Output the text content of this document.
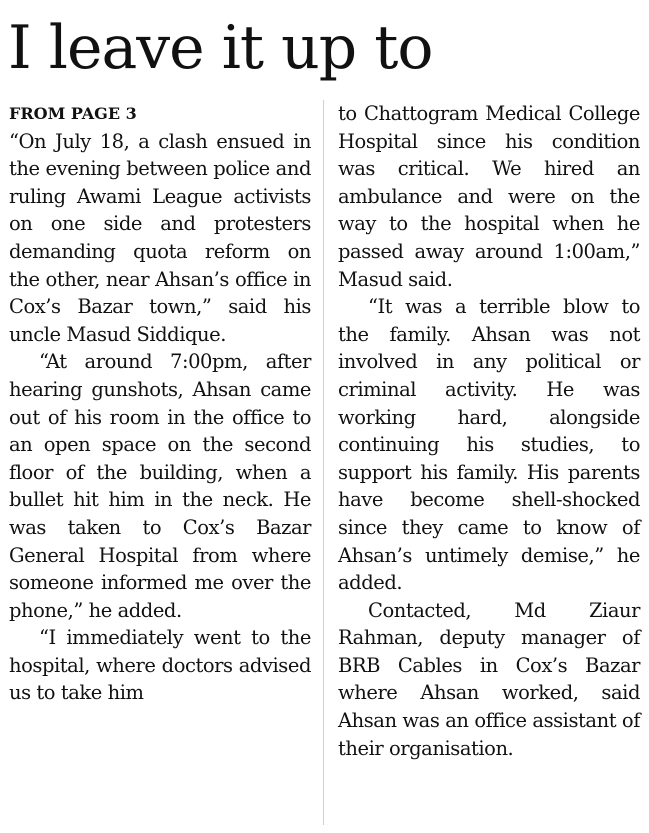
I leave it up to
FROM PAGE 3

“On July 18, a clash ensued in the evening between police and ruling Awami League activists on one side and protesters demanding quota reform on the other, near Ahsan’s office in Cox’s Bazar town,” said his uncle Masud Siddique.

“At around 7:00pm, after hearing gunshots, Ahsan came out of his room in the office to an open space on the second floor of the building, when a bullet hit him in the neck. He was taken to Cox’s Bazar General Hospital from where someone informed me over the phone,” he added.

“I immediately went to the hospital, where doctors advised us to take him

to Chattogram Medical College Hospital since his condition was critical. We hired an ambulance and were on the way to the hospital when he passed away around 1:00am,” Masud said.

“It was a terrible blow to the family. Ahsan was not involved in any political or criminal activity. He was working hard, alongside continuing his studies, to support his family. His parents have become shell-shocked since they came to know of Ahsan’s untimely demise,” he added.

Contacted, Md Ziaur Rahman, deputy manager of BRB Cables in Cox’s Bazar where Ahsan worked, said Ahsan was an office assistant of their organisation.
